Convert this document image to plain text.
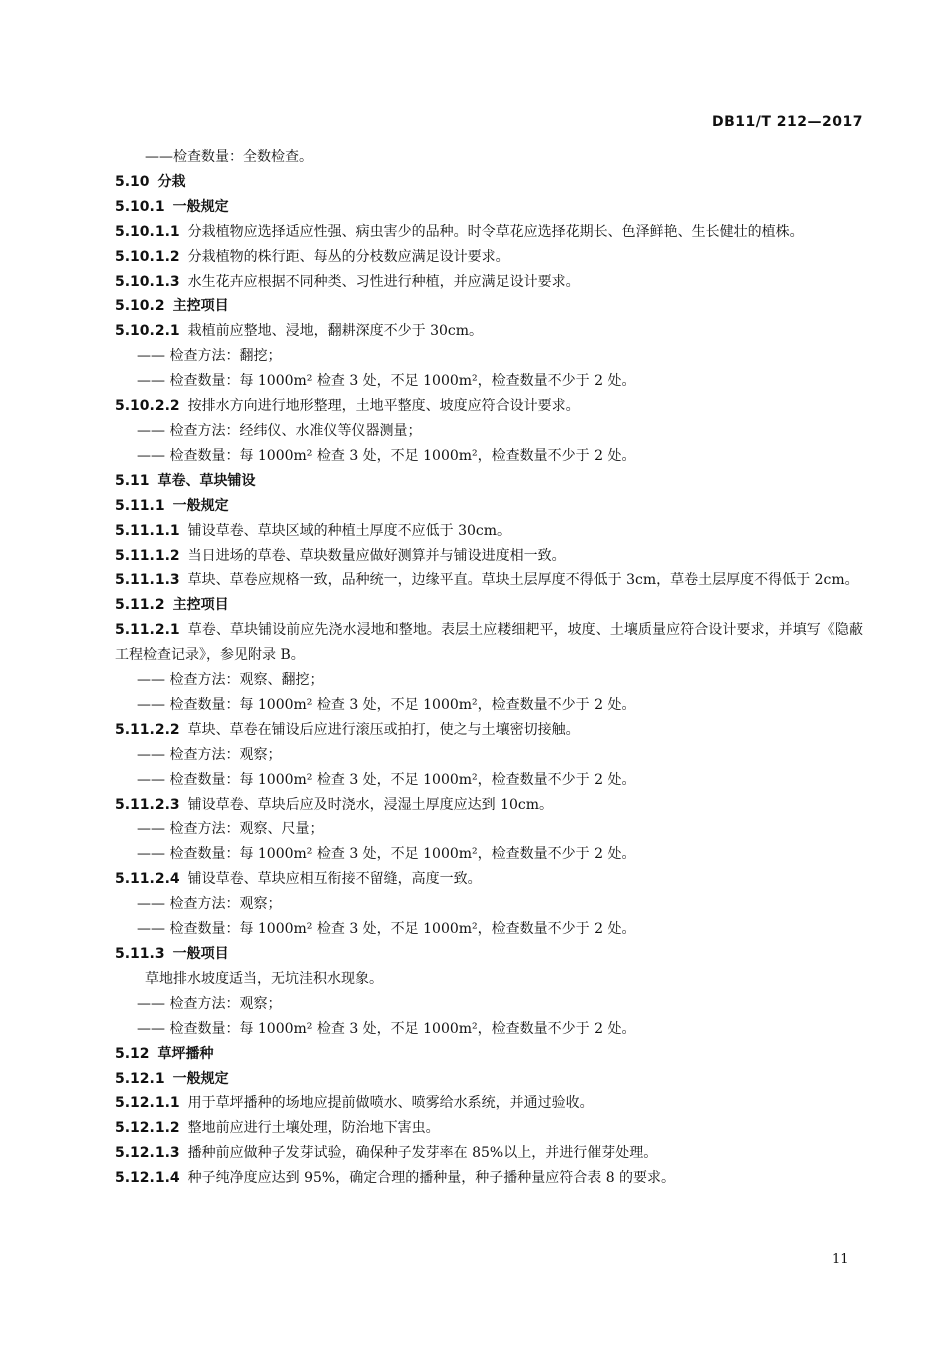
DB11/T 212—2017
——检查数量：全数检查。
5.10 分栽
5.10.1 一般规定
5.10.1.1 分栽植物应选择适应性强、病虫害少的品种。时令草花应选择花期长、色泽鲜艳、生长健壮的植株。
5.10.1.2 分栽植物的株行距、每丛的分枝数应满足设计要求。
5.10.1.3 水生花卉应根据不同种类、习性进行种植，并应满足设计要求。
5.10.2 主控项目
5.10.2.1 栽植前应整地、浸地，翻耕深度不少于 30cm。
—— 检查方法：翻挖；
—— 检查数量：每 1000m² 检查 3 处，不足 1000m²，检查数量不少于 2 处。
5.10.2.2 按排水方向进行地形整理，土地平整度、坡度应符合设计要求。
—— 检查方法：经纬仪、水准仪等仪器测量；
—— 检查数量：每 1000m² 检查 3 处，不足 1000m²，检查数量不少于 2 处。
5.11 草卷、草块铺设
5.11.1 一般规定
5.11.1.1 铺设草卷、草块区域的种植土厚度不应低于 30cm。
5.11.1.2 当日进场的草卷、草块数量应做好测算并与铺设进度相一致。
5.11.1.3 草块、草卷应规格一致，品种统一，边缘平直。草块土层厚度不得低于 3cm，草卷土层厚度不得低于 2cm。
5.11.2 主控项目
5.11.2.1 草卷、草块铺设前应先浇水浸地和整地。表层土应耧细耙平，坡度、土壤质量应符合设计要求，并填写《隐蔽工程检查记录》，参见附录 B。
—— 检查方法：观察、翻挖；
—— 检查数量：每 1000m² 检查 3 处，不足 1000m²，检查数量不少于 2 处。
5.11.2.2 草块、草卷在铺设后应进行滚压或拍打，使之与土壤密切接触。
—— 检查方法：观察；
—— 检查数量：每 1000m² 检查 3 处，不足 1000m²，检查数量不少于 2 处。
5.11.2.3 铺设草卷、草块后应及时浇水，浸湿土厚度应达到 10cm。
—— 检查方法：观察、尺量；
—— 检查数量：每 1000m² 检查 3 处，不足 1000m²，检查数量不少于 2 处。
5.11.2.4 铺设草卷、草块应相互衔接不留缝，高度一致。
—— 检查方法：观察；
—— 检查数量：每 1000m² 检查 3 处，不足 1000m²，检查数量不少于 2 处。
5.11.3 一般项目
草地排水坡度适当，无坑洼积水现象。
—— 检查方法：观察；
—— 检查数量：每 1000m² 检查 3 处，不足 1000m²，检查数量不少于 2 处。
5.12 草坪播种
5.12.1 一般规定
5.12.1.1 用于草坪播种的场地应提前做喷水、喷雾给水系统，并通过验收。
5.12.1.2 整地前应进行土壤处理，防治地下害虫。
5.12.1.3 播种前应做种子发芽试验，确保种子发芽率在 85%以上，并进行催芽处理。
5.12.1.4 种子纯净度应达到 95%，确定合理的播种量，种子播种量应符合表 8 的要求。
11
